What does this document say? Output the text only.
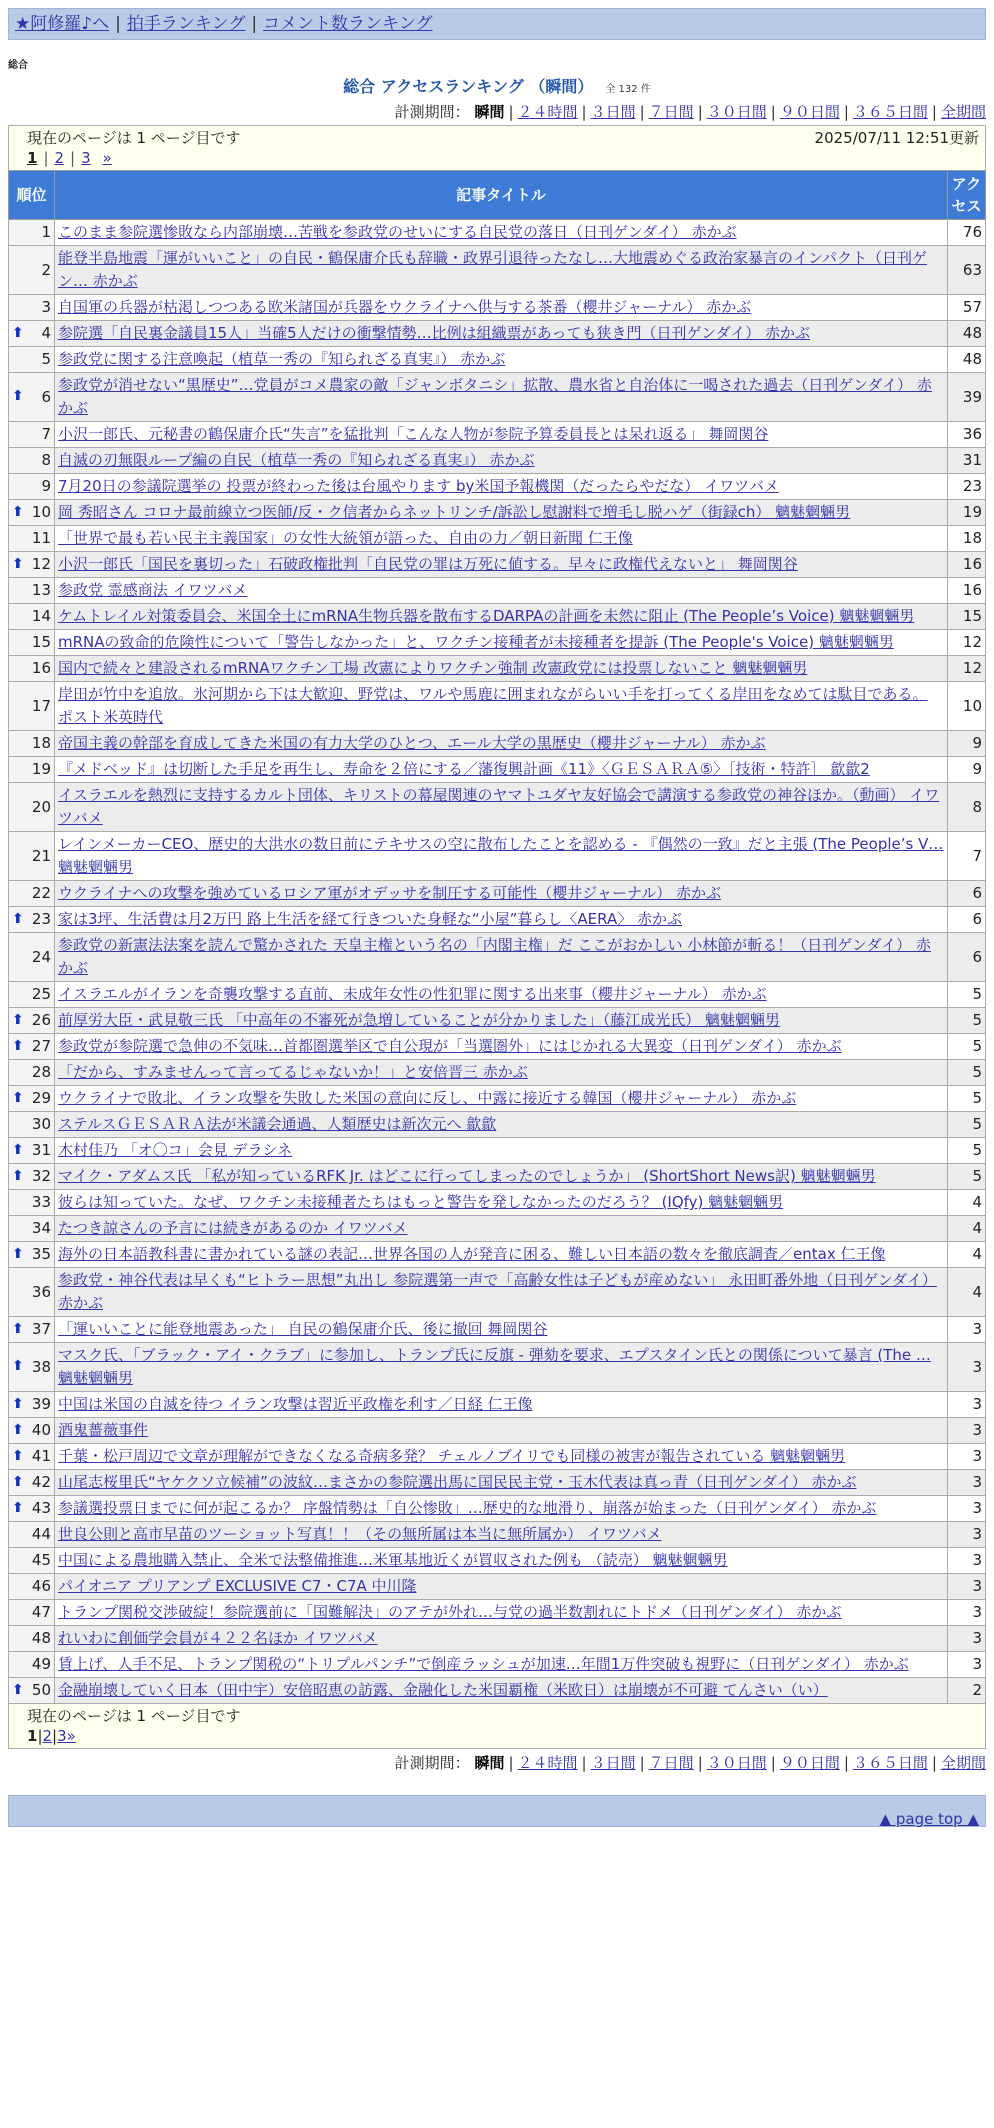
★阿修羅♪へ | 拍手ランキング | コメント数ランキング
総合
総合 アクセスランキング （瞬間） 全 132 件
計測期間： 瞬間 | ２４時間 | ３日間 | ７日間 | ３０日間 | ９０日間 | ３６５日間 | 全期間
現在のページは 1 ページ目です	2025/07/11 12:51更新
1 | 2 | 3 »
順位	記事タイトル	アクセス
1	このまま参院選惨敗なら内部崩壊…苦戦を参政党のせいにする自民党の落日（日刊ゲンダイ） 赤かぶ	76
2	能登半島地震「運がいいこと」の自民・鶴保庸介氏も辞職・政界引退待ったなし…大地震めぐる政治家暴言のインパクト（日刊ゲン… 赤かぶ	63
3	自国軍の兵器が枯渇しつつある欧米諸国が兵器をウクライナへ供与する茶番（櫻井ジャーナル） 赤かぶ	57

⬆ 4	参院選「自民裏金議員15人」当確5人だけの衝撃情勢…比例は組織票があっても狭き門（日刊ゲンダイ） 赤かぶ	48
5	参政党に関する注意喚起（植草一秀の『知られざる真実』） 赤かぶ	48

⬆ 6	参政党が消せない“黒歴史”…党員がコメ農家の敵「ジャンボタニシ」拡散、農水省と自治体に一喝された過去（日刊ゲンダイ） 赤かぶ	39
7	小沢一郎氏、元秘書の鶴保庸介氏“失言”を猛批判「こんな人物が参院予算委員長とは呆れ返る」 舞岡関谷	36
8	自滅の刃無限ループ編の自民（植草一秀の『知られざる真実』） 赤かぶ	31
9	7月20日の参議院選挙の 投票が終わった後は台風やります by米国予報機関（だったらやだな） イワツバメ	23

⬆ 10	岡 秀昭さん コロナ最前線立つ医師/反・ク信者からネットリンチ/訴訟し慰謝料で増毛し脱ハゲ（街録ch） 魑魅魍魎男	19
11	「世界で最も若い民主主義国家」の女性大統領が語った、自由の力／朝日新聞 仁王像	18

⬆ 12	小沢一郎氏「国民を裏切った」石破政権批判「自民党の罪は万死に値する。早々に政権代えないと」 舞岡関谷	16
13	参政党 霊感商法 イワツバメ	16
14	ケムトレイル対策委員会、米国全土にmRNA生物兵器を散布するDARPAの計画を未然に阻止 (The People’s Voice) 魑魅魍魎男	15
15	mRNAの致命的危険性について「警告しなかった」と、ワクチン接種者が未接種者を提訴 (The People's Voice) 魑魅魍魎男	12
16	国内で続々と建設されるmRNAワクチン工場 改憲によりワクチン強制 改憲政党には投票しないこと 魑魅魍魎男	12
17	岸田が竹中を追放。氷河期から下は大歓迎、野党は、ワルや馬鹿に囲まれながらいい手を打ってくる岸田をなめては駄目である。 ポスト米英時代	10
18	帝国主義の幹部を育成してきた米国の有力大学のひとつ、エール大学の黒歴史（櫻井ジャーナル） 赤かぶ	9
19	『メドベッド』は切断した手足を再生し、寿命を２倍にする／藩復興計画《11》〈ＧＥＳＡＲＡ⑤〉［技術・特許］ 歙歙2	9
20	イスラエルを熱烈に支持するカルト団体、キリストの幕屋関連のヤマトユダヤ友好協会で講演する参政党の神谷ほか。（動画） イワツバメ	8
21	レインメーカーCEO、歴史的大洪水の数日前にテキサスの空に散布したことを認める - 『偶然の一致』だと主張 (The People’s V… 魑魅魍魎男	7
22	ウクライナへの攻撃を強めているロシア軍がオデッサを制圧する可能性（櫻井ジャーナル） 赤かぶ	6

⬆ 23	家は3坪、生活費は月2万円 路上生活を経て行きついた身軽な“小屋”暮らし〈AERA〉 赤かぶ	6
24	参政党の新憲法法案を読んで驚かされた 天皇主権という名の「内閣主権」だ ここがおかしい 小林節が斬る！（日刊ゲンダイ） 赤かぶ	6
25	イスラエルがイランを奇襲攻撃する直前、未成年女性の性犯罪に関する出来事（櫻井ジャーナル） 赤かぶ	5

⬆ 26	前厚労大臣・武見敬三氏 「中高年の不審死が急増していることが分かりました」（藤江成光氏） 魑魅魍魎男	5

⬆ 27	参政党が参院選で急伸の不気味…首都圏選挙区で自公現が「当選圏外」にはじかれる大異変（日刊ゲンダイ） 赤かぶ	5
28	「だから、すみませんって言ってるじゃないか！」と安倍晋三 赤かぶ	5

⬆ 29	ウクライナで敗北、イラン攻撃を失敗した米国の意向に反し、中露に接近する韓国（櫻井ジャーナル） 赤かぶ	5
30	ステルスＧＥＳＡＲＡ法が米議会通過、人類歴史は新次元へ 歙歙	5

⬆ 31	木村佳乃 「オ〇コ」会見 デラシネ	5

⬆ 32	マイク・アダムス氏 「私が知っているRFK Jr. はどこに行ってしまったのでしょうか」 (ShortShort News訳) 魑魅魍魎男	5
33	彼らは知っていた。なぜ、ワクチン未接種者たちはもっと警告を発しなかったのだろう？ (IQfy) 魑魅魍魎男	4
34	たつき諒さんの予言には続きがあるのか イワツバメ	4

⬆ 35	海外の日本語教科書に書かれている謎の表記…世界各国の人が発音に困る、難しい日本語の数々を徹底調査／entax 仁王像	4
36	参政党・神谷代表は早くも“ヒトラー思想”丸出し 参院選第一声で「高齢女性は子どもが産めない」 永田町番外地（日刊ゲンダイ） 赤かぶ	4

⬆ 37	「運いいことに能登地震あった」 自民の鶴保庸介氏、後に撤回 舞岡関谷	3

⬆ 38	マスク氏、「ブラック・アイ・クラブ」に参加し、トランプ氏に反旗 - 弾劾を要求、エプスタイン氏との関係について暴言 (The … 魑魅魍魎男	3

⬆ 39	中国は米国の自滅を待つ イラン攻撃は習近平政権を利す／日経 仁王像	3

⬆ 40	酒鬼薔薇事件	3

⬆ 41	千葉・松戸周辺で文章が理解ができなくなる奇病多発？ チェルノブイリでも同様の被害が報告されている 魑魅魍魎男	3

⬆ 42	山尾志桜里氏“ヤケクソ立候補”の波紋…まさかの参院選出馬に国民民主党・玉木代表は真っ青（日刊ゲンダイ） 赤かぶ	3

⬆ 43	参議選投票日までに何が起こるか？ 序盤情勢は「自公惨敗」…歴史的な地滑り、崩落が始まった（日刊ゲンダイ） 赤かぶ	3
44	世良公則と高市早苗のツーショット写真！！（その無所属は本当に無所属か） イワツバメ	3
45	中国による農地購入禁止、全米で法整備推進…米軍基地近くが買収された例も （読売） 魑魅魍魎男	3
46	パイオニア プリアンプ EXCLUSIVE C7・C7A 中川隆	3
47	トランプ関税交渉破綻！参院選前に「国難解決」のアテが外れ…与党の過半数割れにトドメ（日刊ゲンダイ） 赤かぶ	3
48	れいわに創価学会員が４２２名ほか イワツバメ	3
49	賃上げ、人手不足、トランプ関税の“トリプルパンチ”で倒産ラッシュが加速…年間1万件突破も視野に（日刊ゲンダイ） 赤かぶ	3

⬆ 50	金融崩壊していく日本（田中宇）安倍昭恵の訪露、金融化した米国覇権（米欧日）は崩壊が不可避 てんさい（い）	2
現在のページは 1 ページ目です
1|2|3»
計測期間： 瞬間 | ２４時間 | ３日間 | ７日間 | ３０日間 | ９０日間 | ３６５日間 | 全期間
▲ page top ▲
